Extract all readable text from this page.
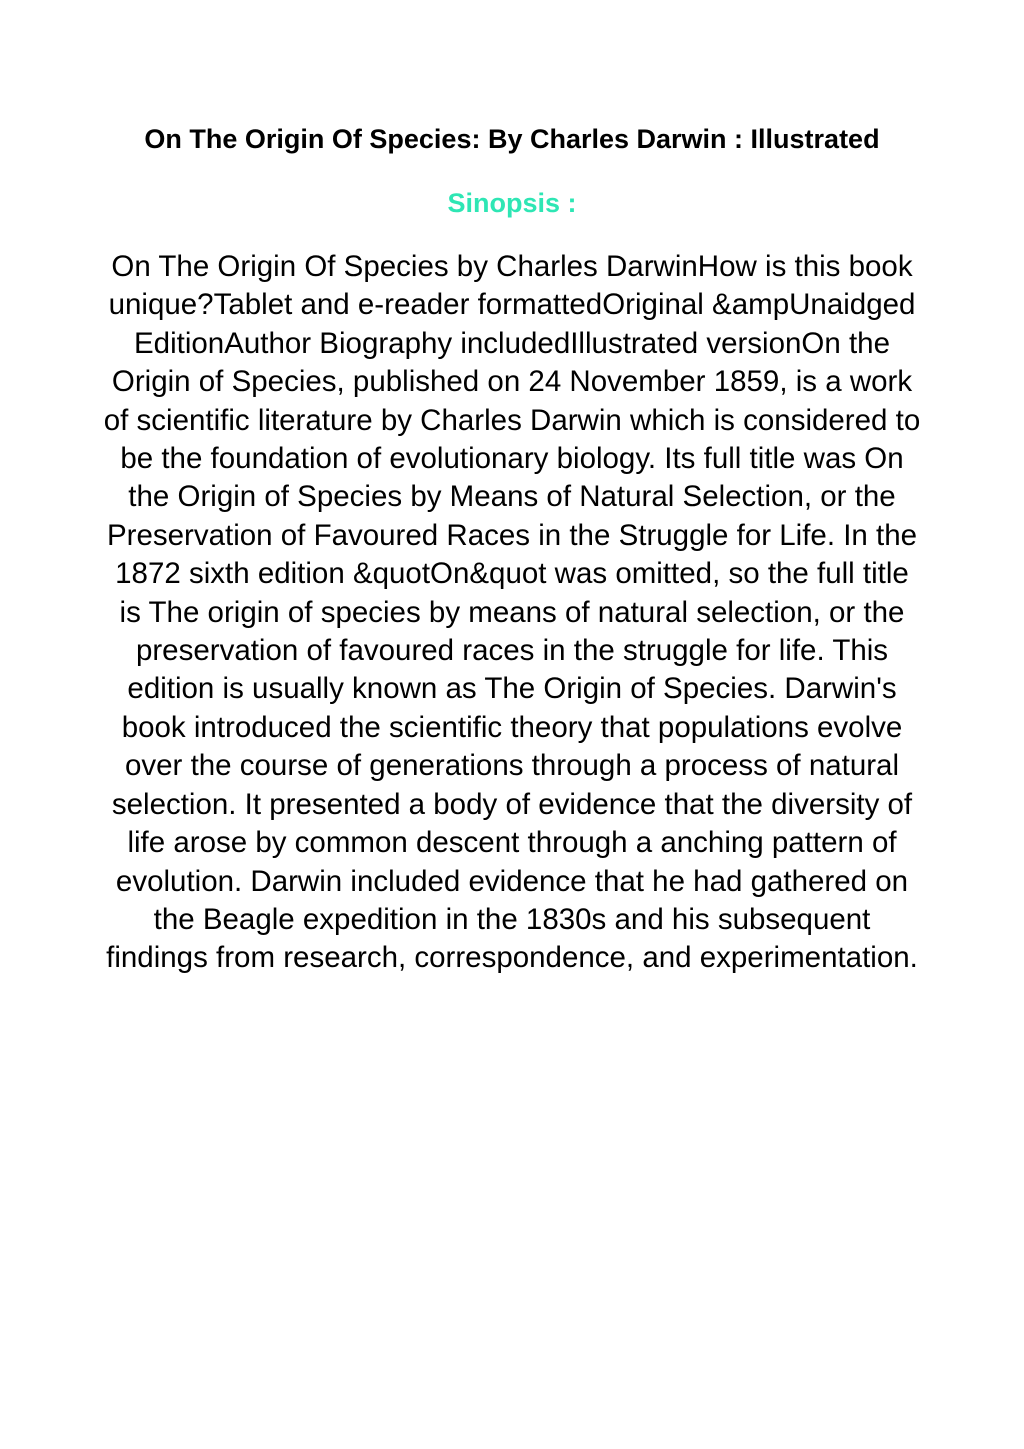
On The Origin Of Species: By Charles Darwin : Illustrated
Sinopsis :
On The Origin Of Species by Charles DarwinHow is this book
unique?Tablet and e-reader formattedOriginal &ampUnaidged
EditionAuthor Biography includedIllustrated versionOn the
Origin of Species, published on 24 November 1859, is a work
of scientific literature by Charles Darwin which is considered to
be the foundation of evolutionary biology. Its full title was On
the Origin of Species by Means of Natural Selection, or the
Preservation of Favoured Races in the Struggle for Life. In the
1872 sixth edition &quotOn&quot was omitted, so the full title
is The origin of species by means of natural selection, or the
preservation of favoured races in the struggle for life. This
edition is usually known as The Origin of Species. Darwin's
book introduced the scientific theory that populations evolve
over the course of generations through a process of natural
selection. It presented a body of evidence that the diversity of
life arose by common descent through a anching pattern of
evolution. Darwin included evidence that he had gathered on
the Beagle expedition in the 1830s and his subsequent
findings from research, correspondence, and experimentation.
